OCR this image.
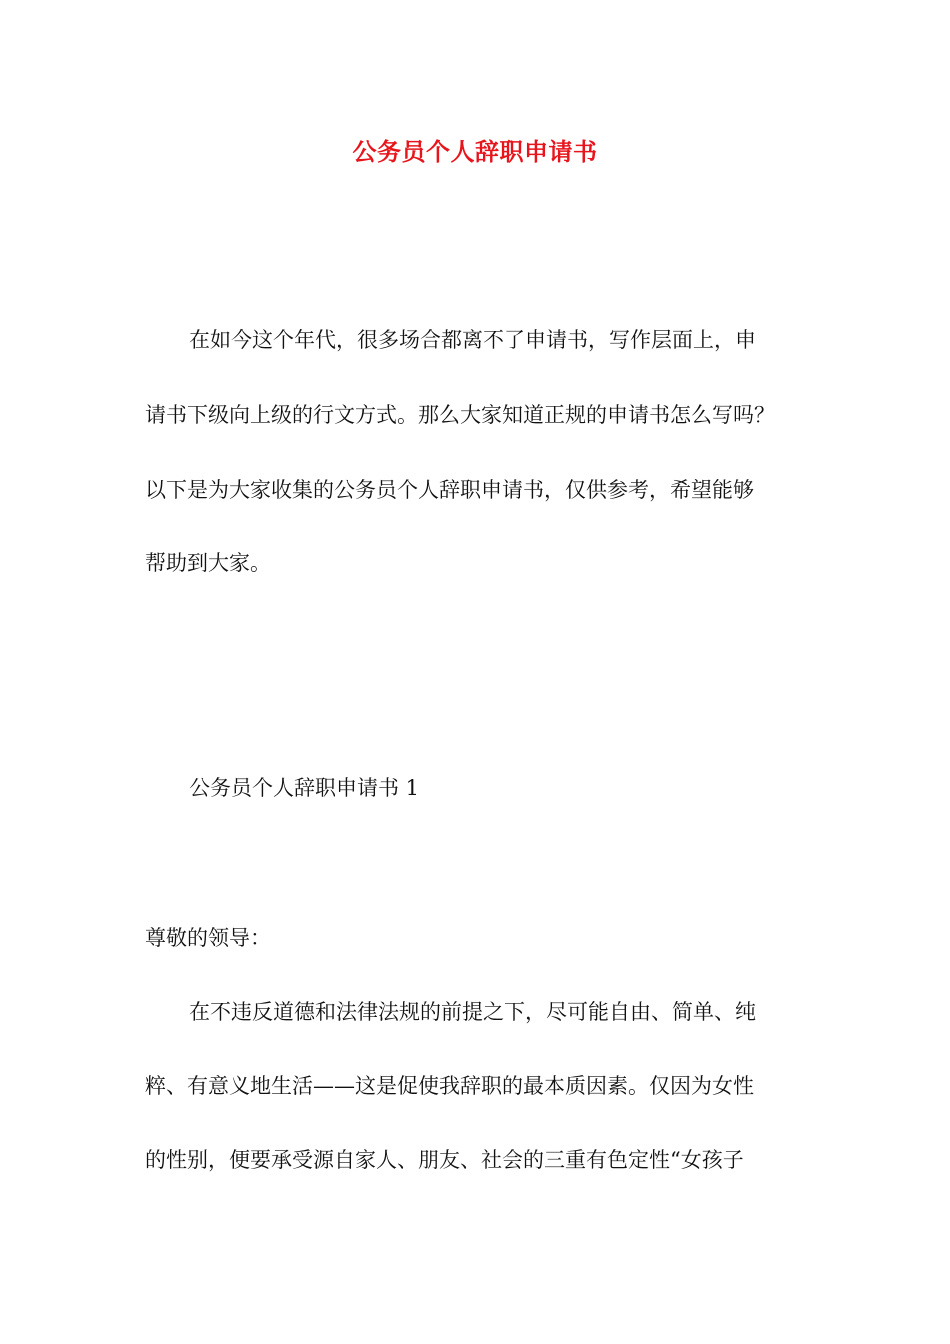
公务员个人辞职申请书
在如今这个年代，很多场合都离不了申请书，写作层面上，申
请书下级向上级的行文方式。那么大家知道正规的申请书怎么写吗？
以下是为大家收集的公务员个人辞职申请书，仅供参考，希望能够
帮助到大家。
公务员个人辞职申请书 1
尊敬的领导：
在不违反道德和法律法规的前提之下，尽可能自由、简单、纯
粹、有意义地生活——这是促使我辞职的最本质因素。仅因为女性
的性别，便要承受源自家人、朋友、社会的三重有色定性“女孩子
